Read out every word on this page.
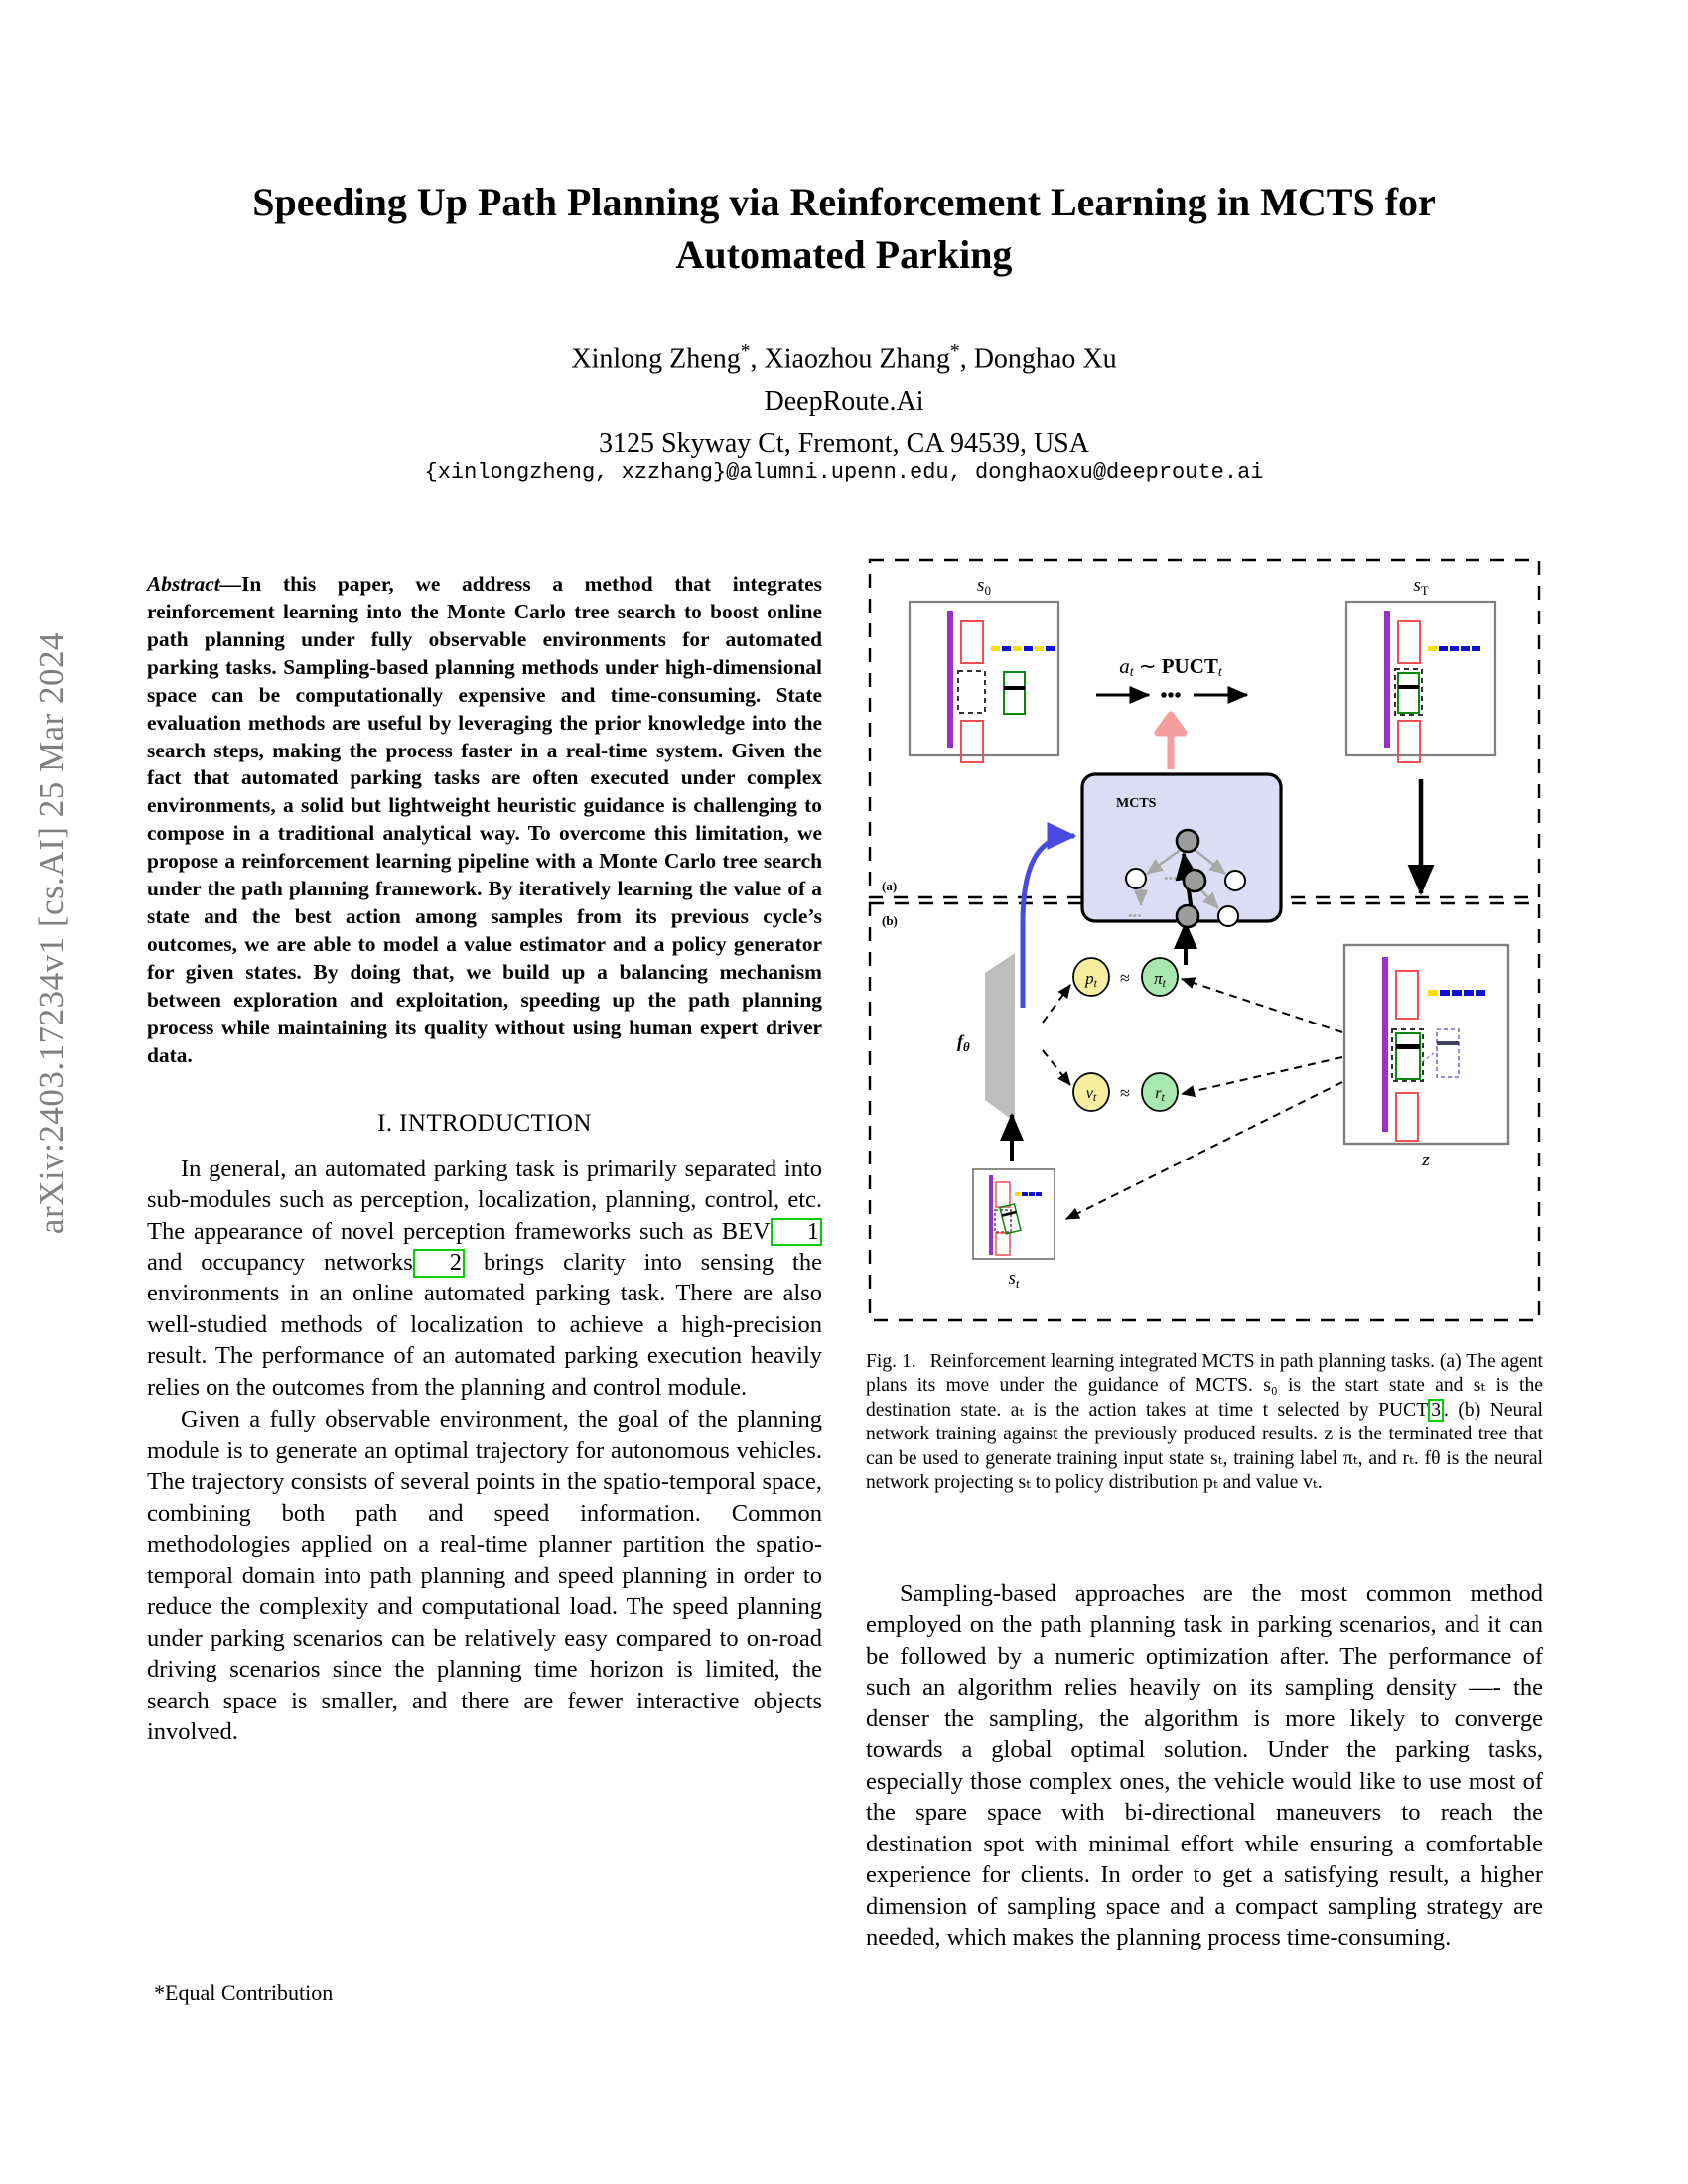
arXiv:2403.17234v1 [cs.AI] 25 Mar 2024
Speeding Up Path Planning via Reinforcement Learning in MCTS for
Automated Parking
Xinlong Zheng*, Xiaozhou Zhang*, Donghao Xu
DeepRoute.Ai
3125 Skyway Ct, Fremont, CA 94539, USA
{xinlongzheng, xzzhang}@alumni.upenn.edu, donghaoxu@deeproute.ai
Abstract—In this paper, we address a method that integrates reinforcement learning into the Monte Carlo tree search to boost online path planning under fully observable environments for automated parking tasks. Sampling-based planning methods under high-dimensional space can be computationally expensive and time-consuming. State evaluation methods are useful by leveraging the prior knowledge into the search steps, making the process faster in a real-time system. Given the fact that automated parking tasks are often executed under complex environments, a solid but lightweight heuristic guidance is challenging to compose in a traditional analytical way. To overcome this limitation, we propose a reinforcement learning pipeline with a Monte Carlo tree search under the path planning framework. By iteratively learning the value of a state and the best action among samples from its previous cycle’s outcomes, we are able to model a value estimator and a policy generator for given states. By doing that, we build up a balancing mechanism between exploration and exploitation, speeding up the path planning process while maintaining its quality without using human expert driver data.
I. INTRODUCTION

In general, an automated parking task is primarily separated into sub-modules such as perception, localization, planning, control, etc. The appearance of novel perception frameworks such as BEV 1 and occupancy networks 2 brings clarity into sensing the environments in an online automated parking task. There are also well-studied methods of localization to achieve a high-precision result. The performance of an automated parking execution heavily relies on the outcomes from the planning and control module.

Given a fully observable environment, the goal of the planning module is to generate an optimal trajectory for autonomous vehicles. The trajectory consists of several points in the spatio-temporal space, combining both path and speed information. Common methodologies applied on a real-time planner partition the spatio-temporal domain into path planning and speed planning in order to reduce the complexity and computational load. The speed planning under parking scenarios can be relatively easy compared to on-road driving scenarios since the planning time horizon is limited, the search space is smaller, and there are fewer interactive objects involved.

*Equal Contribution
(a)
(b)
$s_0$	$s_T$
at ∼ PUCTt
•••
MCTS
•••
•••
$f_\theta$
pt ≈ πt
vt ≈ rt
z
$s_t$
Fig. 1. Reinforcement learning integrated MCTS in path planning tasks. (a) The agent plans its move under the guidance of MCTS. s₀ is the start state and sₜ is the destination state. aₜ is the action takes at time t selected by PUCT 3 . (b) Neural network training against the previously produced results. z is the terminated tree that can be used to generate training input state sₜ, training label πₜ, and rₜ. fθ is the neural network projecting sₜ to policy distribution pₜ and value vₜ.

Sampling-based approaches are the most common method employed on the path planning task in parking scenarios, and it can be followed by a numeric optimization after. The performance of such an algorithm relies heavily on its sampling density —- the denser the sampling, the algorithm is more likely to converge towards a global optimal solution. Under the parking tasks, especially those complex ones, the vehicle would like to use most of the spare space with bi-directional maneuvers to reach the destination spot with minimal effort while ensuring a comfortable experience for clients. In order to get a satisfying result, a higher dimension of sampling space and a compact sampling strategy are needed, which makes the planning process time-consuming.
